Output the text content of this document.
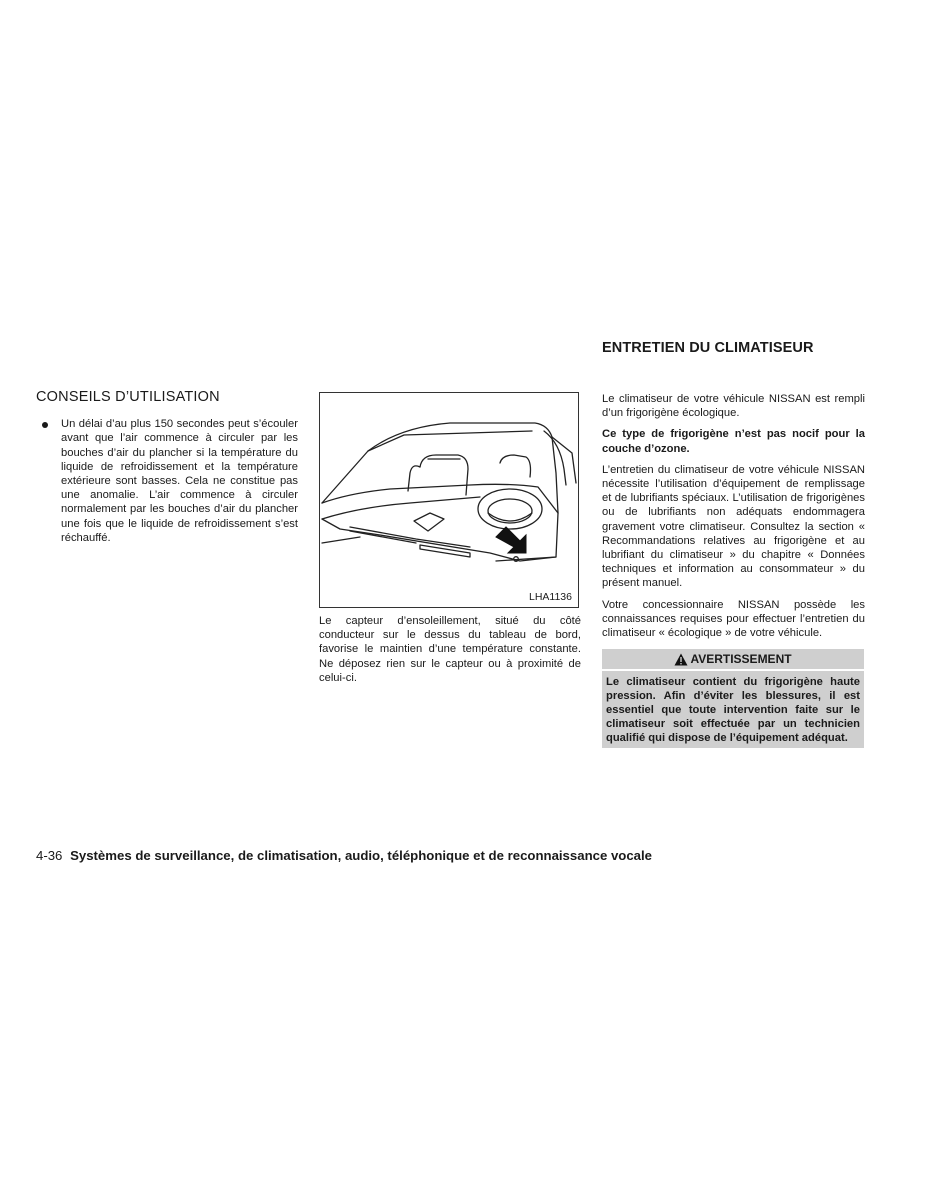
ENTRETIEN DU CLIMATISEUR
CONSEILS D’UTILISATION

Un délai d’au plus 150 secondes peut s’écouler avant que l’air commence à circuler par les bouches d’air du plancher si la température du liquide de refroidissement et la température extérieure sont basses. Cela ne constitue pas une anomalie. L’air commence à circuler normalement par les bouches d’air du plancher une fois que le liquide de refroidissement s’est réchauffé.

LHA1136

Le capteur d’ensoleillement, situé du côté conducteur sur le dessus du tableau de bord, favorise le maintien d’une température constante. Ne déposez rien sur le capteur ou à proximité de celui-ci.

Le climatiseur de votre véhicule NISSAN est rempli d’un frigorigène écologique.

Ce type de frigorigène n’est pas nocif pour la couche d’ozone.

L’entretien du climatiseur de votre véhicule NISSAN nécessite l’utilisation d’équipement de remplissage et de lubrifiants spéciaux. L’utilisation de frigorigènes ou de lubrifiants non adéquats endommagera gravement votre climatiseur. Consultez la section « Recommandations relatives au frigorigène et au lubrifiant du climatiseur » du chapitre « Données techniques et information au consommateur » du présent manuel.

Votre concessionnaire NISSAN possède les connaissances requises pour effectuer l’entretien du climatiseur « écologique » de votre véhicule.

AVERTISSEMENT
Le climatiseur contient du frigorigène haute pression. Afin d’éviter les blessures, il est essentiel que toute intervention faite sur le climatiseur soit effectuée par un technicien qualifié qui dispose de l’équipement adéquat.
4-36 Systèmes de surveillance, de climatisation, audio, téléphonique et de reconnaissance vocale
